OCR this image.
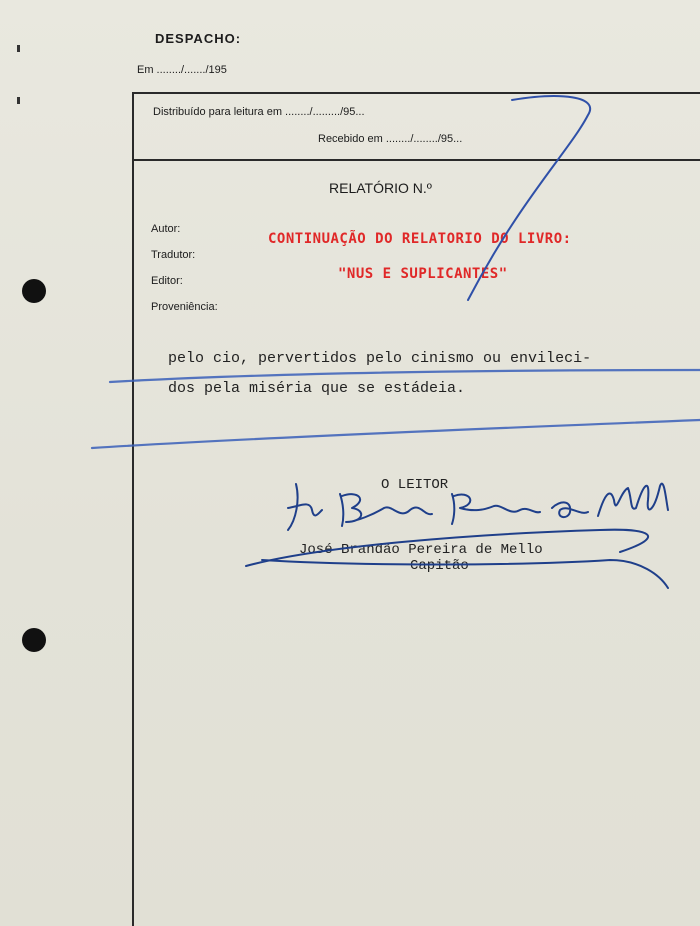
DESPACHO:
Em ......../......./195
Distribuído para leitura em ......../........./95...
Recebido em ......../......../95...
RELATÓRIO N.º
Autor:
Tradutor:
Editor:
Proveniência:
CONTINUAÇÃO DO RELATORIO DO LIVRO:
"NUS E SUPLICANTES"
pelo cio, pervertidos pelo cinismo ou envileci-
dos pela miséria que se estádeia.
O LEITOR
José Brandão Pereira de Mello
Capitão
